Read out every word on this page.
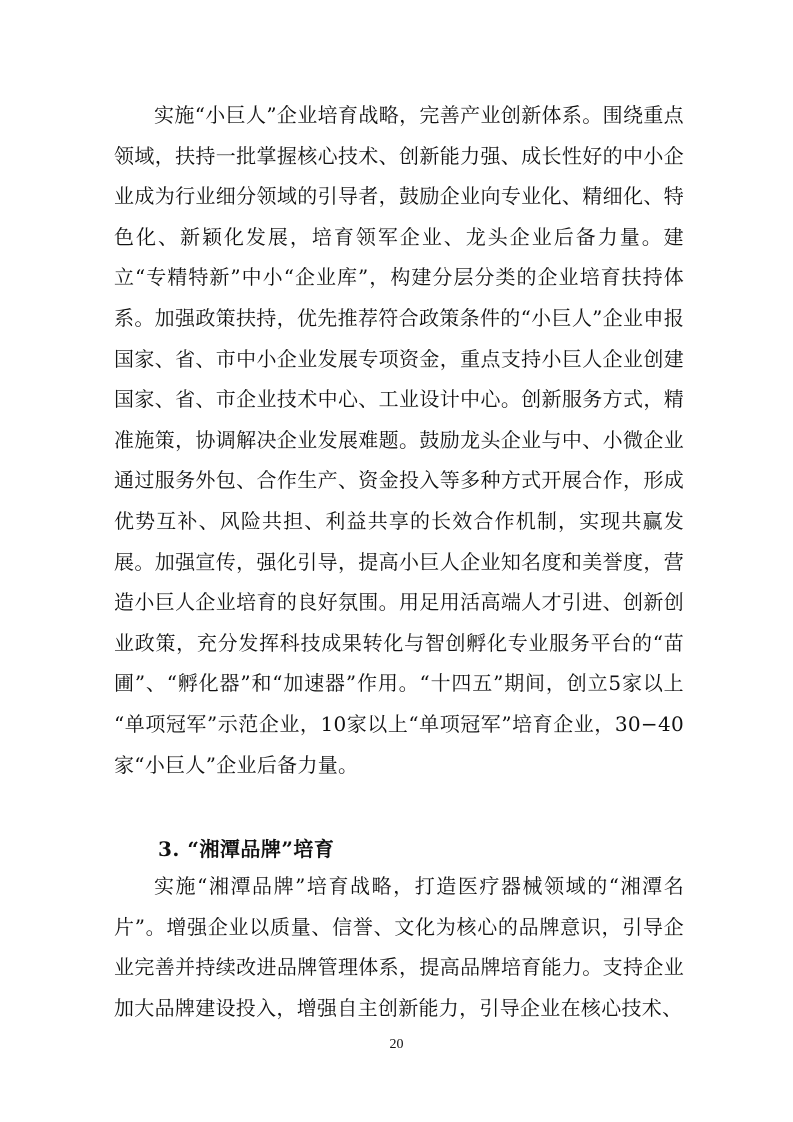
实施“小巨人”企业培育战略，完善产业创新体系。围绕重点领域，扶持一批掌握核心技术、创新能力强、成长性好的中小企业成为行业细分领域的引导者，鼓励企业向专业化、精细化、特色化、新颖化发展，培育领军企业、龙头企业后备力量。建立“专精特新”中小“企业库”，构建分层分类的企业培育扶持体系。加强政策扶持，优先推荐符合政策条件的“小巨人”企业申报国家、省、市中小企业发展专项资金，重点支持小巨人企业创建国家、省、市企业技术中心、工业设计中心。创新服务方式，精准施策，协调解决企业发展难题。鼓励龙头企业与中、小微企业通过服务外包、合作生产、资金投入等多种方式开展合作，形成优势互补、风险共担、利益共享的长效合作机制，实现共赢发展。加强宣传，强化引导，提高小巨人企业知名度和美誉度，营造小巨人企业培育的良好氛围。用足用活高端人才引进、创新创业政策，充分发挥科技成果转化与智创孵化专业服务平台的“苗圃”、“孵化器”和“加速器”作用。“十四五”期间，创立5家以上 “单项冠军”示范企业，10家以上“单项冠军”培育企业，30−40家“小巨人”企业后备力量。

3. “湘潭品牌”培育

实施“湘潭品牌”培育战略，打造医疗器械领域的“湘潭名片”。增强企业以质量、信誉、文化为核心的品牌意识，引导企业完善并持续改进品牌管理体系，提高品牌培育能力。支持企业加大品牌建设投入，增强自主创新能力，引导企业在核心技术、

20
